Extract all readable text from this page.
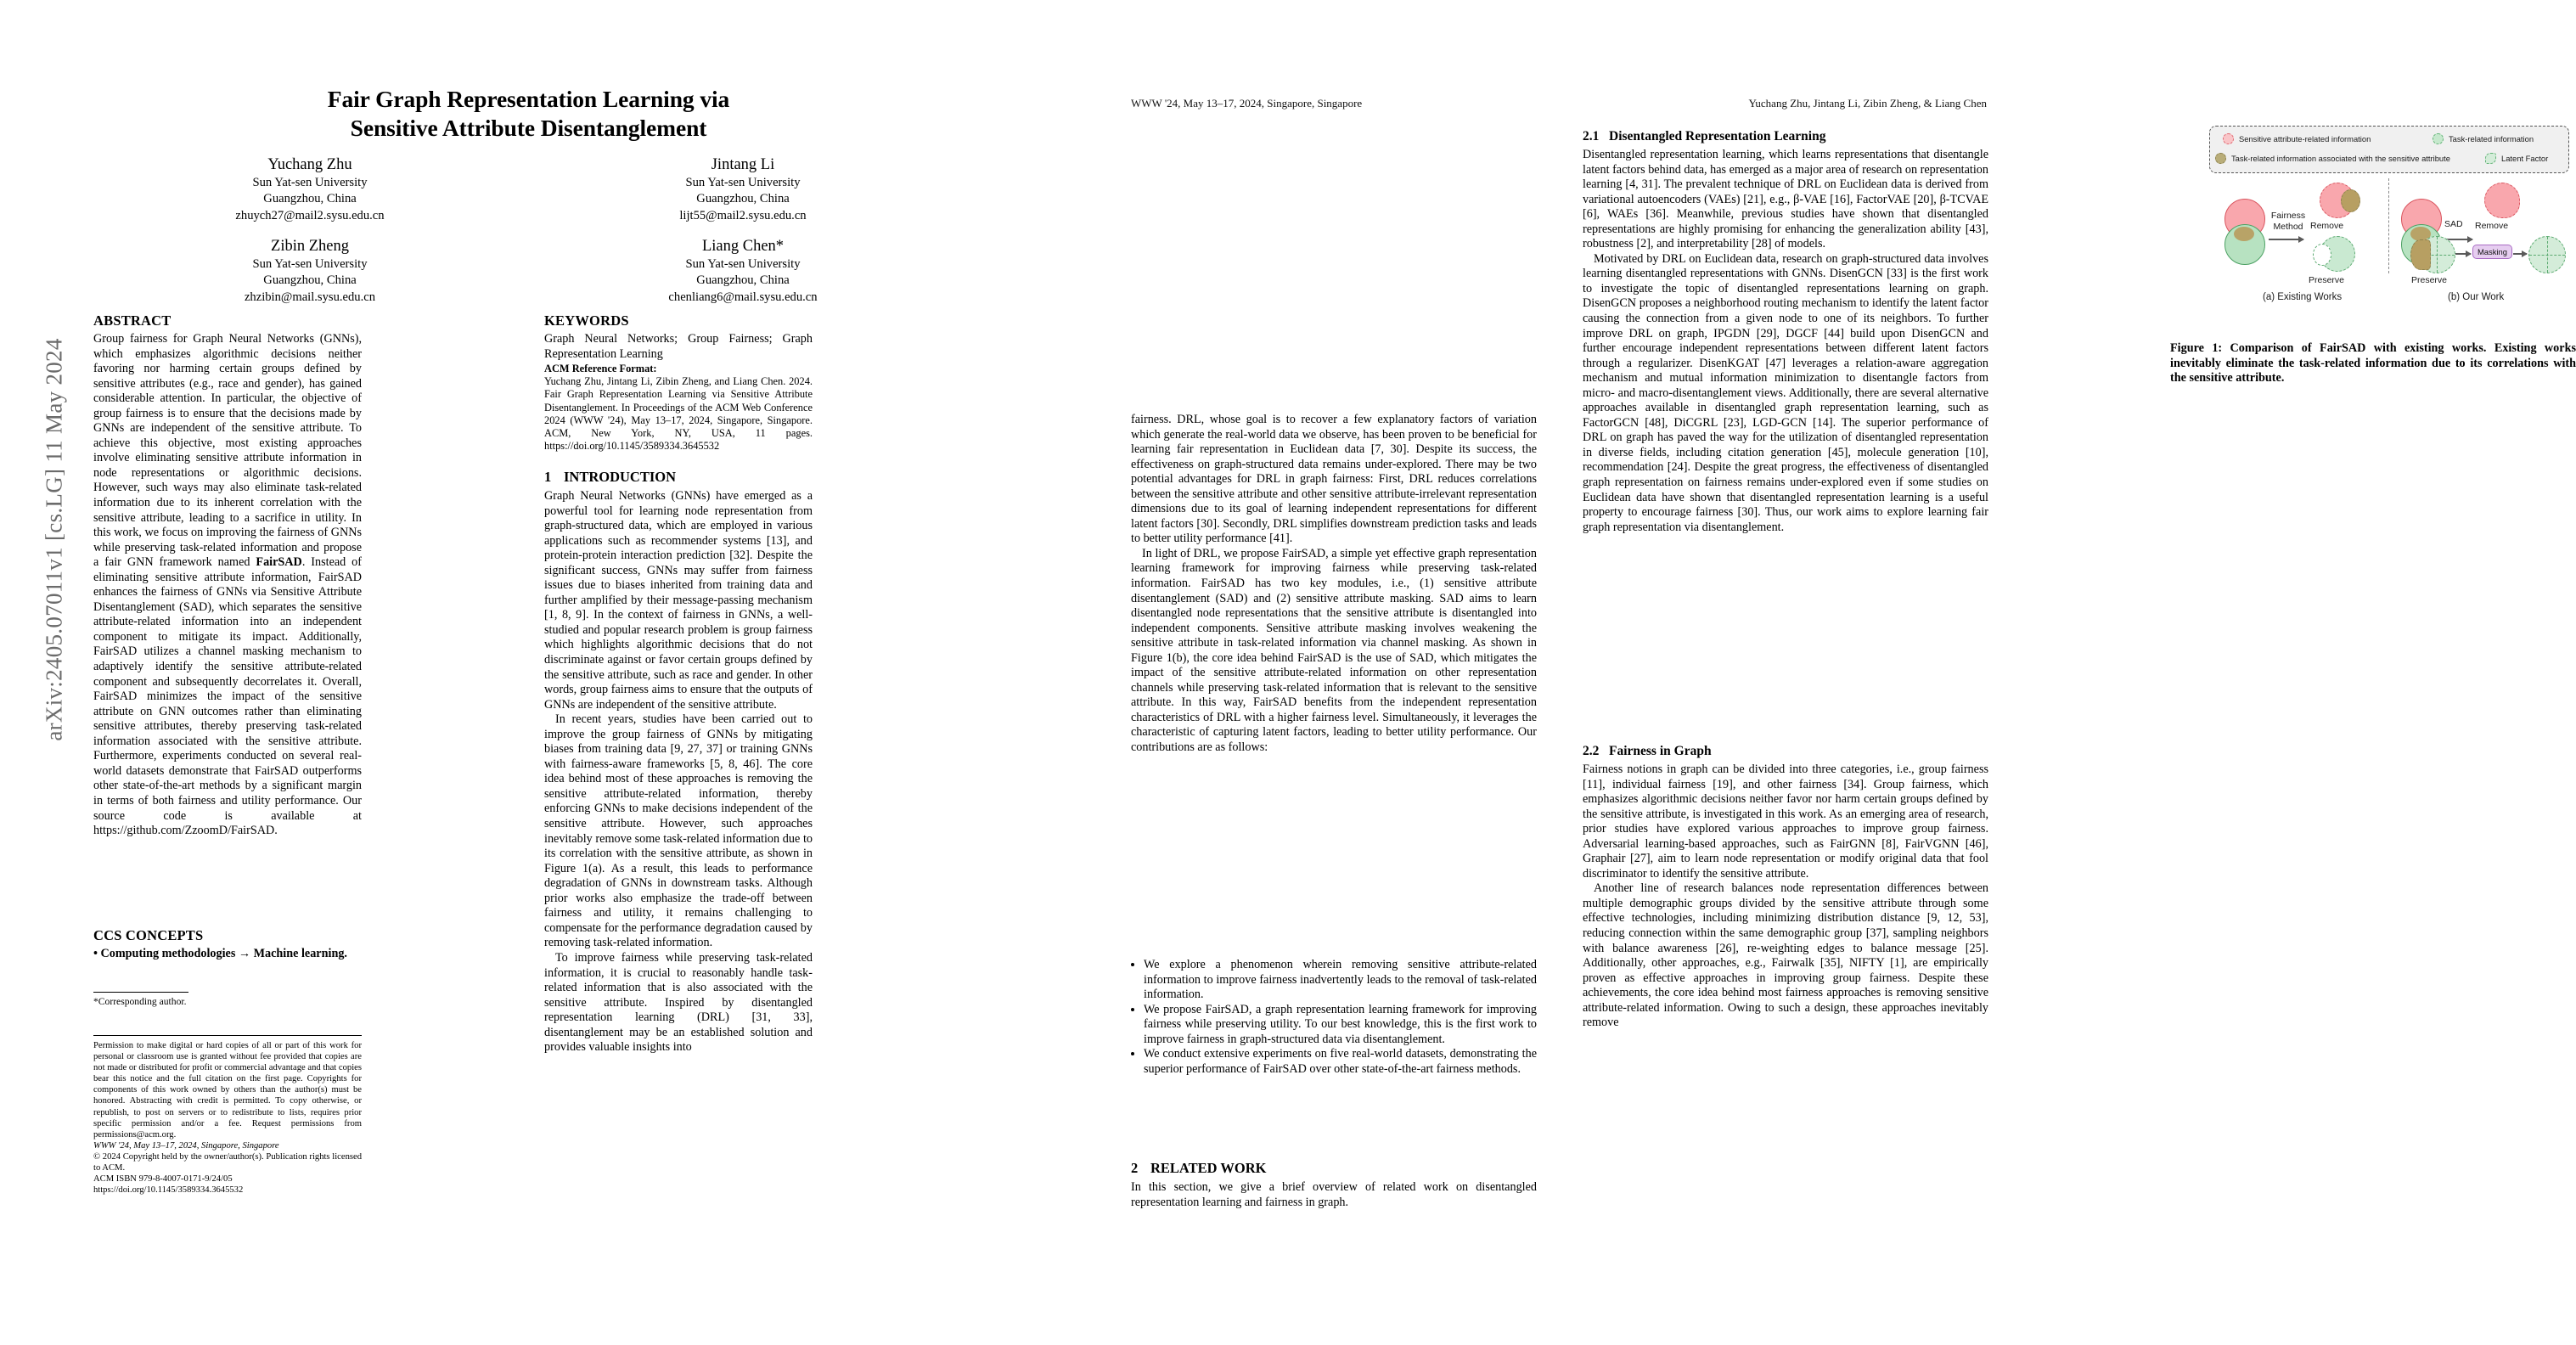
arXiv:2405.07011v1 [cs.LG] 11 May 2024
Fair Graph Representation Learning via
Sensitive Attribute Disentanglement
Yuchang Zhu
Sun Yat-sen University
Guangzhou, China
zhuych27@mail2.sysu.edu.cn
Jintang Li
Sun Yat-sen University
Guangzhou, China
lijt55@mail2.sysu.edu.cn
Zibin Zheng
Sun Yat-sen University
Guangzhou, China
zhzibin@mail.sysu.edu.cn
Liang Chen*
Sun Yat-sen University
Guangzhou, China
chenliang6@mail.sysu.edu.cn
ABSTRACT

Group fairness for Graph Neural Networks (GNNs), which emphasizes algorithmic decisions neither favoring nor harming certain groups defined by sensitive attributes (e.g., race and gender), has gained considerable attention. In particular, the objective of group fairness is to ensure that the decisions made by GNNs are independent of the sensitive attribute. To achieve this objective, most existing approaches involve eliminating sensitive attribute information in node representations or algorithmic decisions. However, such ways may also eliminate task-related information due to its inherent correlation with the sensitive attribute, leading to a sacrifice in utility. In this work, we focus on improving the fairness of GNNs while preserving task-related information and propose a fair GNN framework named FairSAD. Instead of eliminating sensitive attribute information, FairSAD enhances the fairness of GNNs via Sensitive Attribute Disentanglement (SAD), which separates the sensitive attribute-related information into an independent component to mitigate its impact. Additionally, FairSAD utilizes a channel masking mechanism to adaptively identify the sensitive attribute-related component and subsequently decorrelates it. Overall, FairSAD minimizes the impact of the sensitive attribute on GNN outcomes rather than eliminating sensitive attributes, thereby preserving task-related information associated with the sensitive attribute. Furthermore, experiments conducted on several real-world datasets demonstrate that FairSAD outperforms other state-of-the-art methods by a significant margin in terms of both fairness and utility performance. Our source code is available at https://github.com/ZzoomD/FairSAD.

CCS CONCEPTS
• Computing methodologies → Machine learning.
*Corresponding author.
Permission to make digital or hard copies of all or part of this work for personal or classroom use is granted without fee provided that copies are not made or distributed for profit or commercial advantage and that copies bear this notice and the full citation on the first page. Copyrights for components of this work owned by others than the author(s) must be honored. Abstracting with credit is permitted. To copy otherwise, or republish, to post on servers or to redistribute to lists, requires prior specific permission and/or a fee. Request permissions from permissions@acm.org.
WWW '24, May 13–17, 2024, Singapore, Singapore
© 2024 Copyright held by the owner/author(s). Publication rights licensed to ACM.
ACM ISBN 979-8-4007-0171-9/24/05
https://doi.org/10.1145/3589334.3645532
KEYWORDS
Graph Neural Networks; Group Fairness; Graph Representation Learning
ACM Reference Format:
Yuchang Zhu, Jintang Li, Zibin Zheng, and Liang Chen. 2024. Fair Graph Representation Learning via Sensitive Attribute Disentanglement. In Proceedings of the ACM Web Conference 2024 (WWW '24), May 13–17, 2024, Singapore, Singapore. ACM, New York, NY, USA, 11 pages. https://doi.org/10.1145/3589334.3645532
1 INTRODUCTION

Graph Neural Networks (GNNs) have emerged as a powerful tool for learning node representation from graph-structured data, which are employed in various applications such as recommender systems [13], and protein-protein interaction prediction [32]. Despite the significant success, GNNs may suffer from fairness issues due to biases inherited from training data and further amplified by their message-passing mechanism [1, 8, 9]. In the context of fairness in GNNs, a well-studied and popular research problem is group fairness which highlights algorithmic decisions that do not discriminate against or favor certain groups defined by the sensitive attribute, such as race and gender. In other words, group fairness aims to ensure that the outputs of GNNs are independent of the sensitive attribute.

In recent years, studies have been carried out to improve the group fairness of GNNs by mitigating biases from training data [9, 27, 37] or training GNNs with fairness-aware frameworks [5, 8, 46]. The core idea behind most of these approaches is removing the sensitive attribute-related information, thereby enforcing GNNs to make decisions independent of the sensitive attribute. However, such approaches inevitably remove some task-related information due to its correlation with the sensitive attribute, as shown in Figure 1(a). As a result, this leads to performance degradation of GNNs in downstream tasks. Although prior works also emphasize the trade-off between fairness and utility, it remains challenging to compensate for the performance degradation caused by removing task-related information.

To improve fairness while preserving task-related information, it is crucial to reasonably handle task-related information that is also associated with the sensitive attribute. Inspired by disentangled representation learning (DRL) [31, 33], disentanglement may be an established solution and provides valuable insights into

WWW '24, May 13–17, 2024, Singapore, Singapore	Yuchang Zhu, Jintang Li, Zibin Zheng, & Liang Chen
Sensitive attribute-related information	Task-related information
Task-related information associated with the sensitive attribute	Latent Factor
Fairness
Method Remove
Preserve
(a) Existing Works
SAD Remove
Preserve
Masking
(b) Our Work
Figure 1: Comparison of FairSAD with existing works. Existing works inevitably eliminate the task-related information due to its correlations with the sensitive attribute.

fairness. DRL, whose goal is to recover a few explanatory factors of variation which generate the real-world data we observe, has been proven to be beneficial for learning fair representation in Euclidean data [7, 30]. Despite its success, the effectiveness on graph-structured data remains under-explored. There may be two potential advantages for DRL in graph fairness: First, DRL reduces correlations between the sensitive attribute and other sensitive attribute-irrelevant representation dimensions due to its goal of learning independent representations for different latent factors [30]. Secondly, DRL simplifies downstream prediction tasks and leads to better utility performance [41].

In light of DRL, we propose FairSAD, a simple yet effective graph representation learning framework for improving fairness while preserving task-related information. FairSAD has two key modules, i.e., (1) sensitive attribute disentanglement (SAD) and (2) sensitive attribute masking. SAD aims to learn disentangled node representations that the sensitive attribute is disentangled into independent components. Sensitive attribute masking involves weakening the sensitive attribute in task-related information via channel masking. As shown in Figure 1(b), the core idea behind FairSAD is the use of SAD, which mitigates the impact of the sensitive attribute-related information on other representation channels while preserving task-related information that is relevant to the sensitive attribute. In this way, FairSAD benefits from the independent representation characteristics of DRL with a higher fairness level. Simultaneously, it leverages the characteristic of capturing latent factors, leading to better utility performance. Our contributions are as follows:

• We explore a phenomenon wherein removing sensitive attribute-related information to improve fairness inadvertently leads to the removal of task-related information.
• We propose FairSAD, a graph representation learning framework for improving fairness while preserving utility. To our best knowledge, this is the first work to improve fairness in graph-structured data via disentanglement.
• We conduct extensive experiments on five real-world datasets, demonstrating the superior performance of FairSAD over other state-of-the-art fairness methods.
2 RELATED WORK

In this section, we give a brief overview of related work on disentangled representation learning and fairness in graph.

2.1 Disentangled Representation Learning

Disentangled representation learning, which learns representations that disentangle latent factors behind data, has emerged as a major area of research on representation learning [4, 31]. The prevalent technique of DRL on Euclidean data is derived from variational autoencoders (VAEs) [21], e.g., β-VAE [16], FactorVAE [20], β-TCVAE [6], WAEs [36]. Meanwhile, previous studies have shown that disentangled representations are highly promising for enhancing the generalization ability [43], robustness [2], and interpretability [28] of models.

Motivated by DRL on Euclidean data, research on graph-structured data involves learning disentangled representations with GNNs. DisenGCN [33] is the first work to investigate the topic of disentangled representations learning on graph. DisenGCN proposes a neighborhood routing mechanism to identify the latent factor causing the connection from a given node to one of its neighbors. To further improve DRL on graph, IPGDN [29], DGCF [44] build upon DisenGCN and further encourage independent representations between different latent factors through a regularizer. DisenKGAT [47] leverages a relation-aware aggregation mechanism and mutual information minimization to disentangle factors from micro- and macro-disentanglement views. Additionally, there are several alternative approaches available in disentangled graph representation learning, such as FactorGCN [48], DiCGRL [23], LGD-GCN [14]. The superior performance of DRL on graph has paved the way for the utilization of disentangled representation in diverse fields, including citation generation [45], molecule generation [10], recommendation [24]. Despite the great progress, the effectiveness of disentangled graph representation on fairness remains under-explored even if some studies on Euclidean data have shown that disentangled representation learning is a useful property to encourage fairness [30]. Thus, our work aims to explore learning fair graph representation via disentanglement.

2.2 Fairness in Graph

Fairness notions in graph can be divided into three categories, i.e., group fairness [11], individual fairness [19], and other fairness [34]. Group fairness, which emphasizes algorithmic decisions neither favor nor harm certain groups defined by the sensitive attribute, is investigated in this work. As an emerging area of research, prior studies have explored various approaches to improve group fairness. Adversarial learning-based approaches, such as FairGNN [8], FairVGNN [46], Graphair [27], aim to learn node representation or modify original data that fool discriminator to identify the sensitive attribute.

Another line of research balances node representation differences between multiple demographic groups divided by the sensitive attribute through some effective technologies, including minimizing distribution distance [9, 12, 53], reducing connection within the same demographic group [37], sampling neighbors with balance awareness [26], re-weighting edges to balance message [25]. Additionally, other approaches, e.g., Fairwalk [35], NIFTY [1], are empirically proven as effective approaches in improving group fairness. Despite these achievements, the core idea behind most fairness approaches is removing sensitive attribute-related information. Owing to such a design, these approaches inevitably remove
